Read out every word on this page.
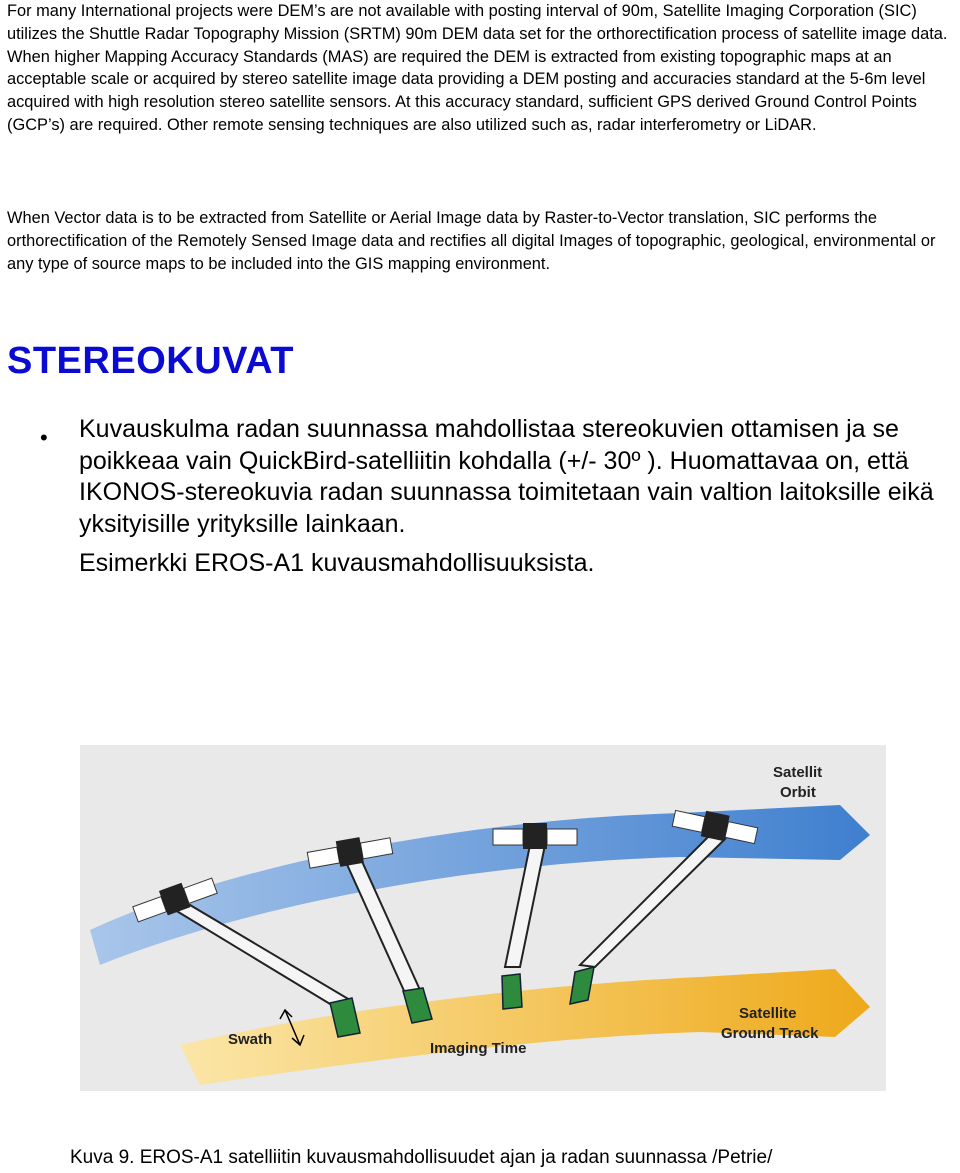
For many International projects were DEM’s are not available with posting interval of 90m, Satellite Imaging Corporation (SIC) utilizes the Shuttle Radar Topography Mission (SRTM) 90m DEM data set for the orthorectification process of satellite image data. When higher Mapping Accuracy Standards (MAS) are required the DEM is extracted from existing topographic maps at an acceptable scale or acquired by stereo satellite image data providing a DEM posting and accuracies standard at the 5-6m level acquired with high resolution stereo satellite sensors. At this accuracy standard, sufficient GPS derived Ground Control Points (GCP’s) are required. Other remote sensing techniques are also utilized such as, radar interferometry or LiDAR.

When Vector data is to be extracted from Satellite or Aerial Image data by Raster-to-Vector translation, SIC performs the orthorectification of the Remotely Sensed Image data and rectifies all digital Images of topographic, geological, environmental or any type of source maps to be included into the GIS mapping environment.

STEREOKUVAT
• Kuvauskulma radan suunnassa mahdollistaa stereokuvien ottamisen ja se poikkeaa vain QuickBird-satelliitin kohdalla (+/- 30º ). Huomattavaa on, että IKONOS-stereokuvia radan suunnassa toimitetaan vain valtion laitoksille eikä yksityisille yrityksille lainkaan.

Esimerkki EROS-A1 kuvausmahdollisuuksista.

Satellit
Orbit
Satellite
Ground Track
Swath
Imaging Time

Kuva 9. EROS-A1 satelliitin kuvausmahdollisuudet ajan ja radan suunnassa /Petrie/
